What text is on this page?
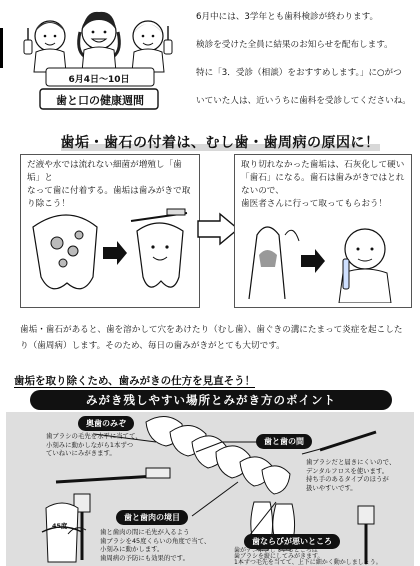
6月4日～10日
歯と口の健康週間
6月中には、3学年とも歯科検診が終わります。
検診を受けた全員に結果のお知らせを配布します。
特に「3．受診（相談）をおすすめします。」に○がつ
いていた人は、近いうちに歯科を受診してくださいね。
歯垢・歯石の付着は、むし歯・歯周病の原因に！
だ液や水では流れない細菌が増殖し「歯垢」と
なって歯に付着する。歯垢は歯みがきで取り除こう！
取り切れなかった歯垢は、石灰化して硬い
「歯石」になる。歯石は歯みがきではとれないので、
歯医者さんに行って取ってもらおう！
歯垢・歯石があると、歯を溶かして穴をあけたり（むし歯）、歯ぐきの溝にたまって炎症を起こしたり（歯周病）します。そのため、毎日の歯みがきがとても大切です。
歯垢を取り除くため、歯みがきの仕方を見直そう！
みがき残しやすい場所とみがき方のポイント
奥歯のみぞ
歯ブラシの毛先を水平に当てて、
小刻みに動かしながら1本ずつ
ていねいにみがきます。
歯と歯の間
歯ブラシだと届きにくいので、
デンタルフロスを使います。
持ち手のあるタイプのほうが
扱いやすいです。
歯と歯肉の境目
歯と歯肉の間に毛先が入るよう
歯ブラシを45度くらいの角度で当て、
小刻みに動かします。
歯周病の予防にも効果的です。
45度
歯ならびが悪いところ
歯がデコボコしているところは
歯ブラシを縦にしてみがきます。
1本ずつ毛先を当てて、上下に細かく動かしましょう。
